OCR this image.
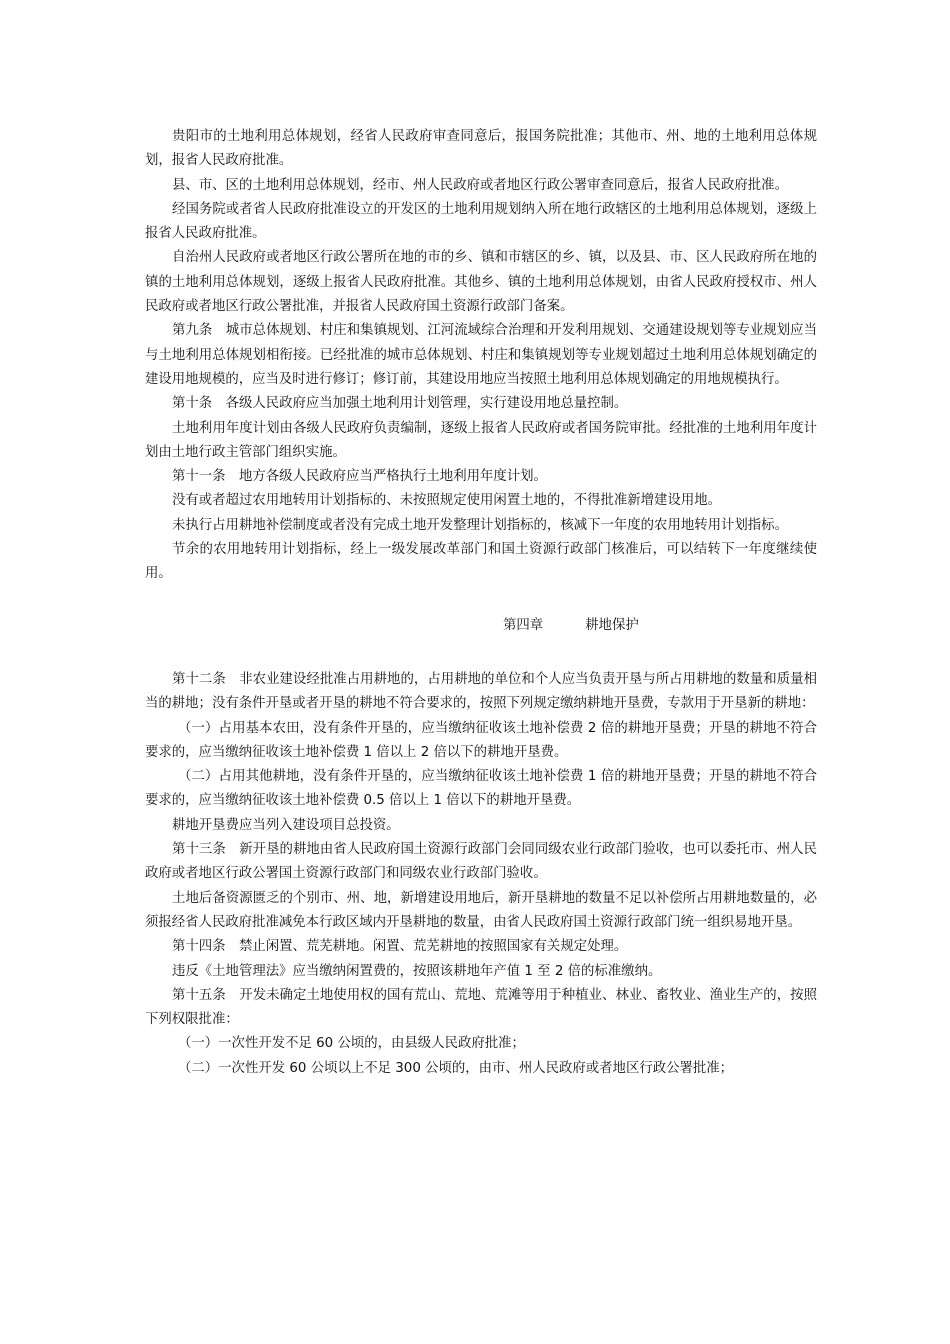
贵阳市的土地利用总体规划，经省人民政府审查同意后，报国务院批准；其他市、州、地的土地利用总体规划，报省人民政府批准。

县、市、区的土地利用总体规划，经市、州人民政府或者地区行政公署审查同意后，报省人民政府批准。

经国务院或者省人民政府批准设立的开发区的土地利用规划纳入所在地行政辖区的土地利用总体规划，逐级上报省人民政府批准。

自治州人民政府或者地区行政公署所在地的市的乡、镇和市辖区的乡、镇，以及县、市、区人民政府所在地的镇的土地利用总体规划，逐级上报省人民政府批准。其他乡、镇的土地利用总体规划，由省人民政府授权市、州人民政府或者地区行政公署批准，并报省人民政府国土资源行政部门备案。

第九条　城市总体规划、村庄和集镇规划、江河流域综合治理和开发利用规划、交通建设规划等专业规划应当与土地利用总体规划相衔接。已经批准的城市总体规划、村庄和集镇规划等专业规划超过土地利用总体规划确定的建设用地规模的，应当及时进行修订；修订前，其建设用地应当按照土地利用总体规划确定的用地规模执行。

第十条　各级人民政府应当加强土地利用计划管理，实行建设用地总量控制。

土地利用年度计划由各级人民政府负责编制，逐级上报省人民政府或者国务院审批。经批准的土地利用年度计划由土地行政主管部门组织实施。

第十一条　地方各级人民政府应当严格执行土地利用年度计划。

没有或者超过农用地转用计划指标的、未按照规定使用闲置土地的，不得批准新增建设用地。

未执行占用耕地补偿制度或者没有完成土地开发整理计划指标的，核减下一年度的农用地转用计划指标。

节余的农用地转用计划指标，经上一级发展改革部门和国土资源行政部门核准后，可以结转下一年度继续使用。

第四章	耕地保护

第十二条　非农业建设经批准占用耕地的，占用耕地的单位和个人应当负责开垦与所占用耕地的数量和质量相当的耕地；没有条件开垦或者开垦的耕地不符合要求的，按照下列规定缴纳耕地开垦费，专款用于开垦新的耕地：

（一）占用基本农田，没有条件开垦的，应当缴纳征收该土地补偿费 2 倍的耕地开垦费；开垦的耕地不符合要求的，应当缴纳征收该土地补偿费 1 倍以上 2 倍以下的耕地开垦费。

（二）占用其他耕地，没有条件开垦的，应当缴纳征收该土地补偿费 1 倍的耕地开垦费；开垦的耕地不符合要求的，应当缴纳征收该土地补偿费 0.5 倍以上 1 倍以下的耕地开垦费。

耕地开垦费应当列入建设项目总投资。

第十三条　新开垦的耕地由省人民政府国土资源行政部门会同同级农业行政部门验收，也可以委托市、州人民政府或者地区行政公署国土资源行政部门和同级农业行政部门验收。

土地后备资源匮乏的个别市、州、地，新增建设用地后，新开垦耕地的数量不足以补偿所占用耕地数量的，必须报经省人民政府批准减免本行政区域内开垦耕地的数量，由省人民政府国土资源行政部门统一组织易地开垦。

第十四条　禁止闲置、荒芜耕地。闲置、荒芜耕地的按照国家有关规定处理。

违反《土地管理法》应当缴纳闲置费的，按照该耕地年产值 1 至 2 倍的标准缴纳。

第十五条　开发未确定土地使用权的国有荒山、荒地、荒滩等用于种植业、林业、畜牧业、渔业生产的，按照下列权限批准：

（一）一次性开发不足 60 公顷的，由县级人民政府批准；

（二）一次性开发 60 公顷以上不足 300 公顷的，由市、州人民政府或者地区行政公署批准；
